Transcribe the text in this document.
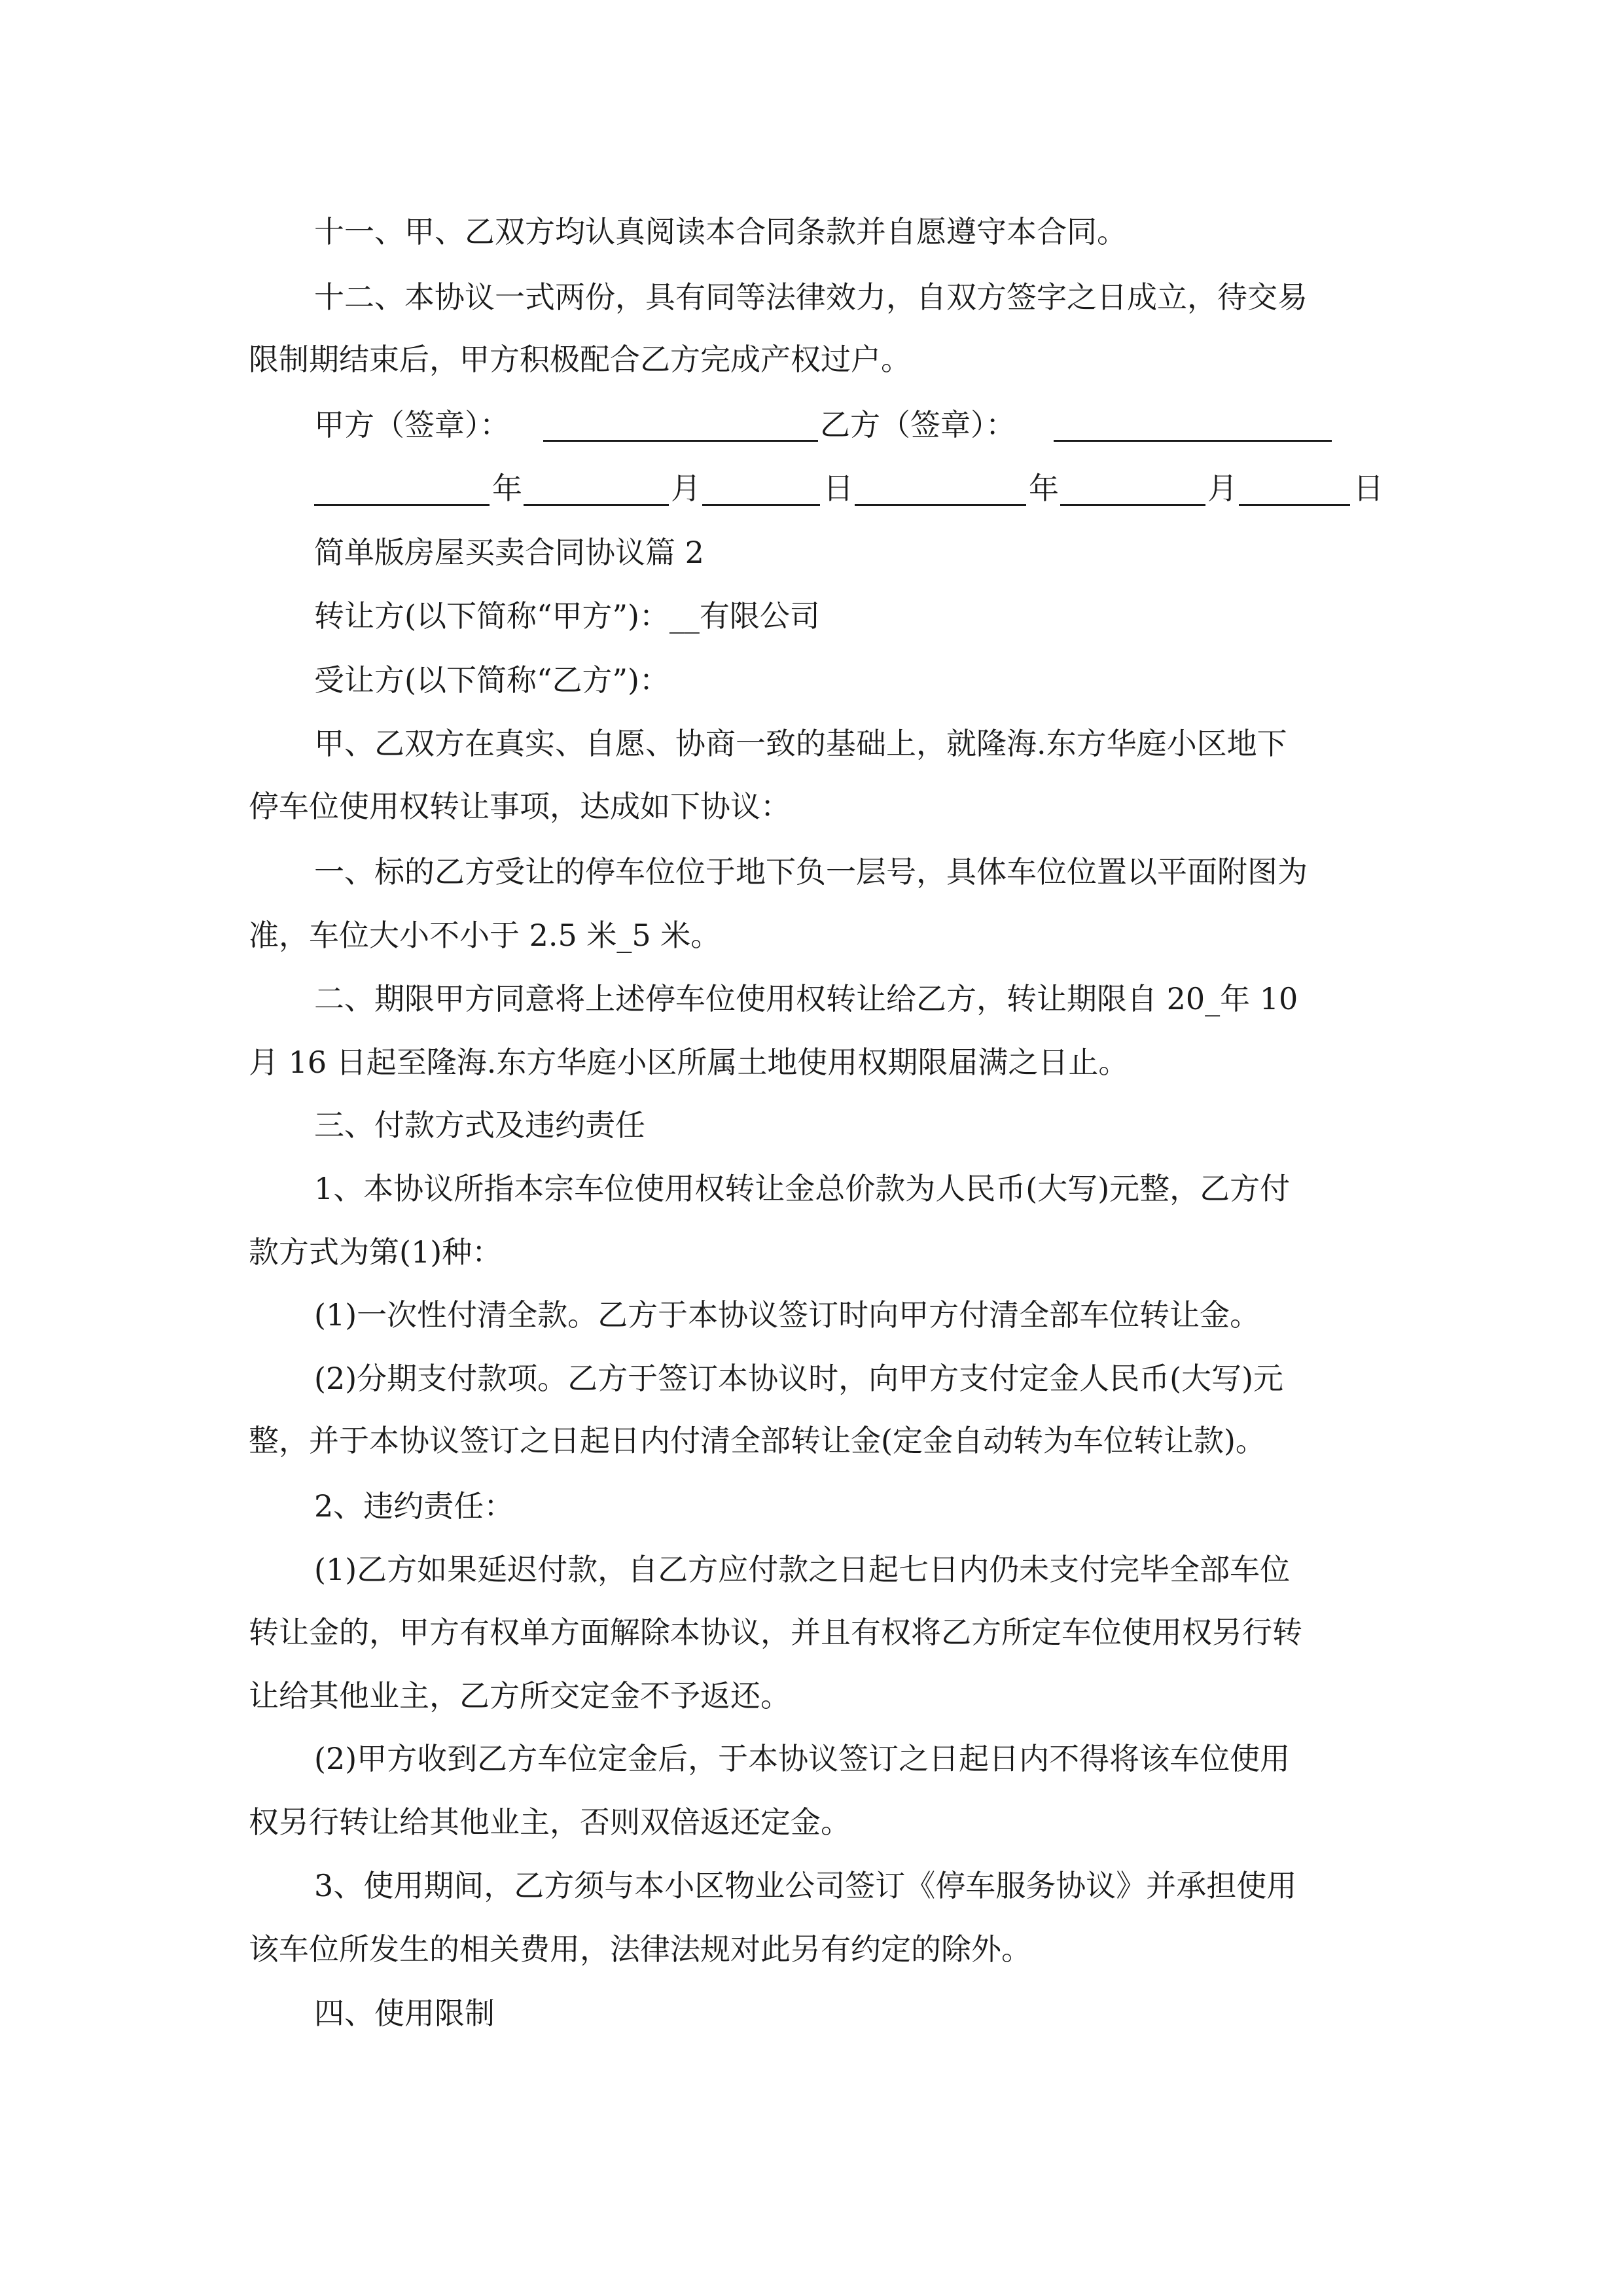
十一、甲、乙双方均认真阅读本合同条款并自愿遵守本合同。

十二、本协议一式两份，具有同等法律效力，自双方签字之日成立，待交易

限制期结束后，甲方积极配合乙方完成产权过户。

甲方（签章）：	乙方（签章）：
年	月	日	年	月	日

简单版房屋买卖合同协议篇 2

转让方(以下简称“甲方”)：__有限公司

受让方(以下简称“乙方”)：

甲、乙双方在真实、自愿、协商一致的基础上，就隆海.东方华庭小区地下

停车位使用权转让事项，达成如下协议：

一、标的乙方受让的停车位位于地下负一层号，具体车位位置以平面附图为

准，车位大小不小于 2.5 米_5 米。

二、期限甲方同意将上述停车位使用权转让给乙方，转让期限自 20_年 10

月 16 日起至隆海.东方华庭小区所属土地使用权期限届满之日止。

三、付款方式及违约责任

1、本协议所指本宗车位使用权转让金总价款为人民币(大写)元整，乙方付

款方式为第(1)种：

(1)一次性付清全款。乙方于本协议签订时向甲方付清全部车位转让金。

(2)分期支付款项。乙方于签订本协议时，向甲方支付定金人民币(大写)元

整，并于本协议签订之日起日内付清全部转让金(定金自动转为车位转让款)。

2、违约责任：

(1)乙方如果延迟付款，自乙方应付款之日起七日内仍未支付完毕全部车位

转让金的，甲方有权单方面解除本协议，并且有权将乙方所定车位使用权另行转

让给其他业主，乙方所交定金不予返还。

(2)甲方收到乙方车位定金后，于本协议签订之日起日内不得将该车位使用

权另行转让给其他业主，否则双倍返还定金。

3、使用期间，乙方须与本小区物业公司签订《停车服务协议》并承担使用

该车位所发生的相关费用，法律法规对此另有约定的除外。

四、使用限制
